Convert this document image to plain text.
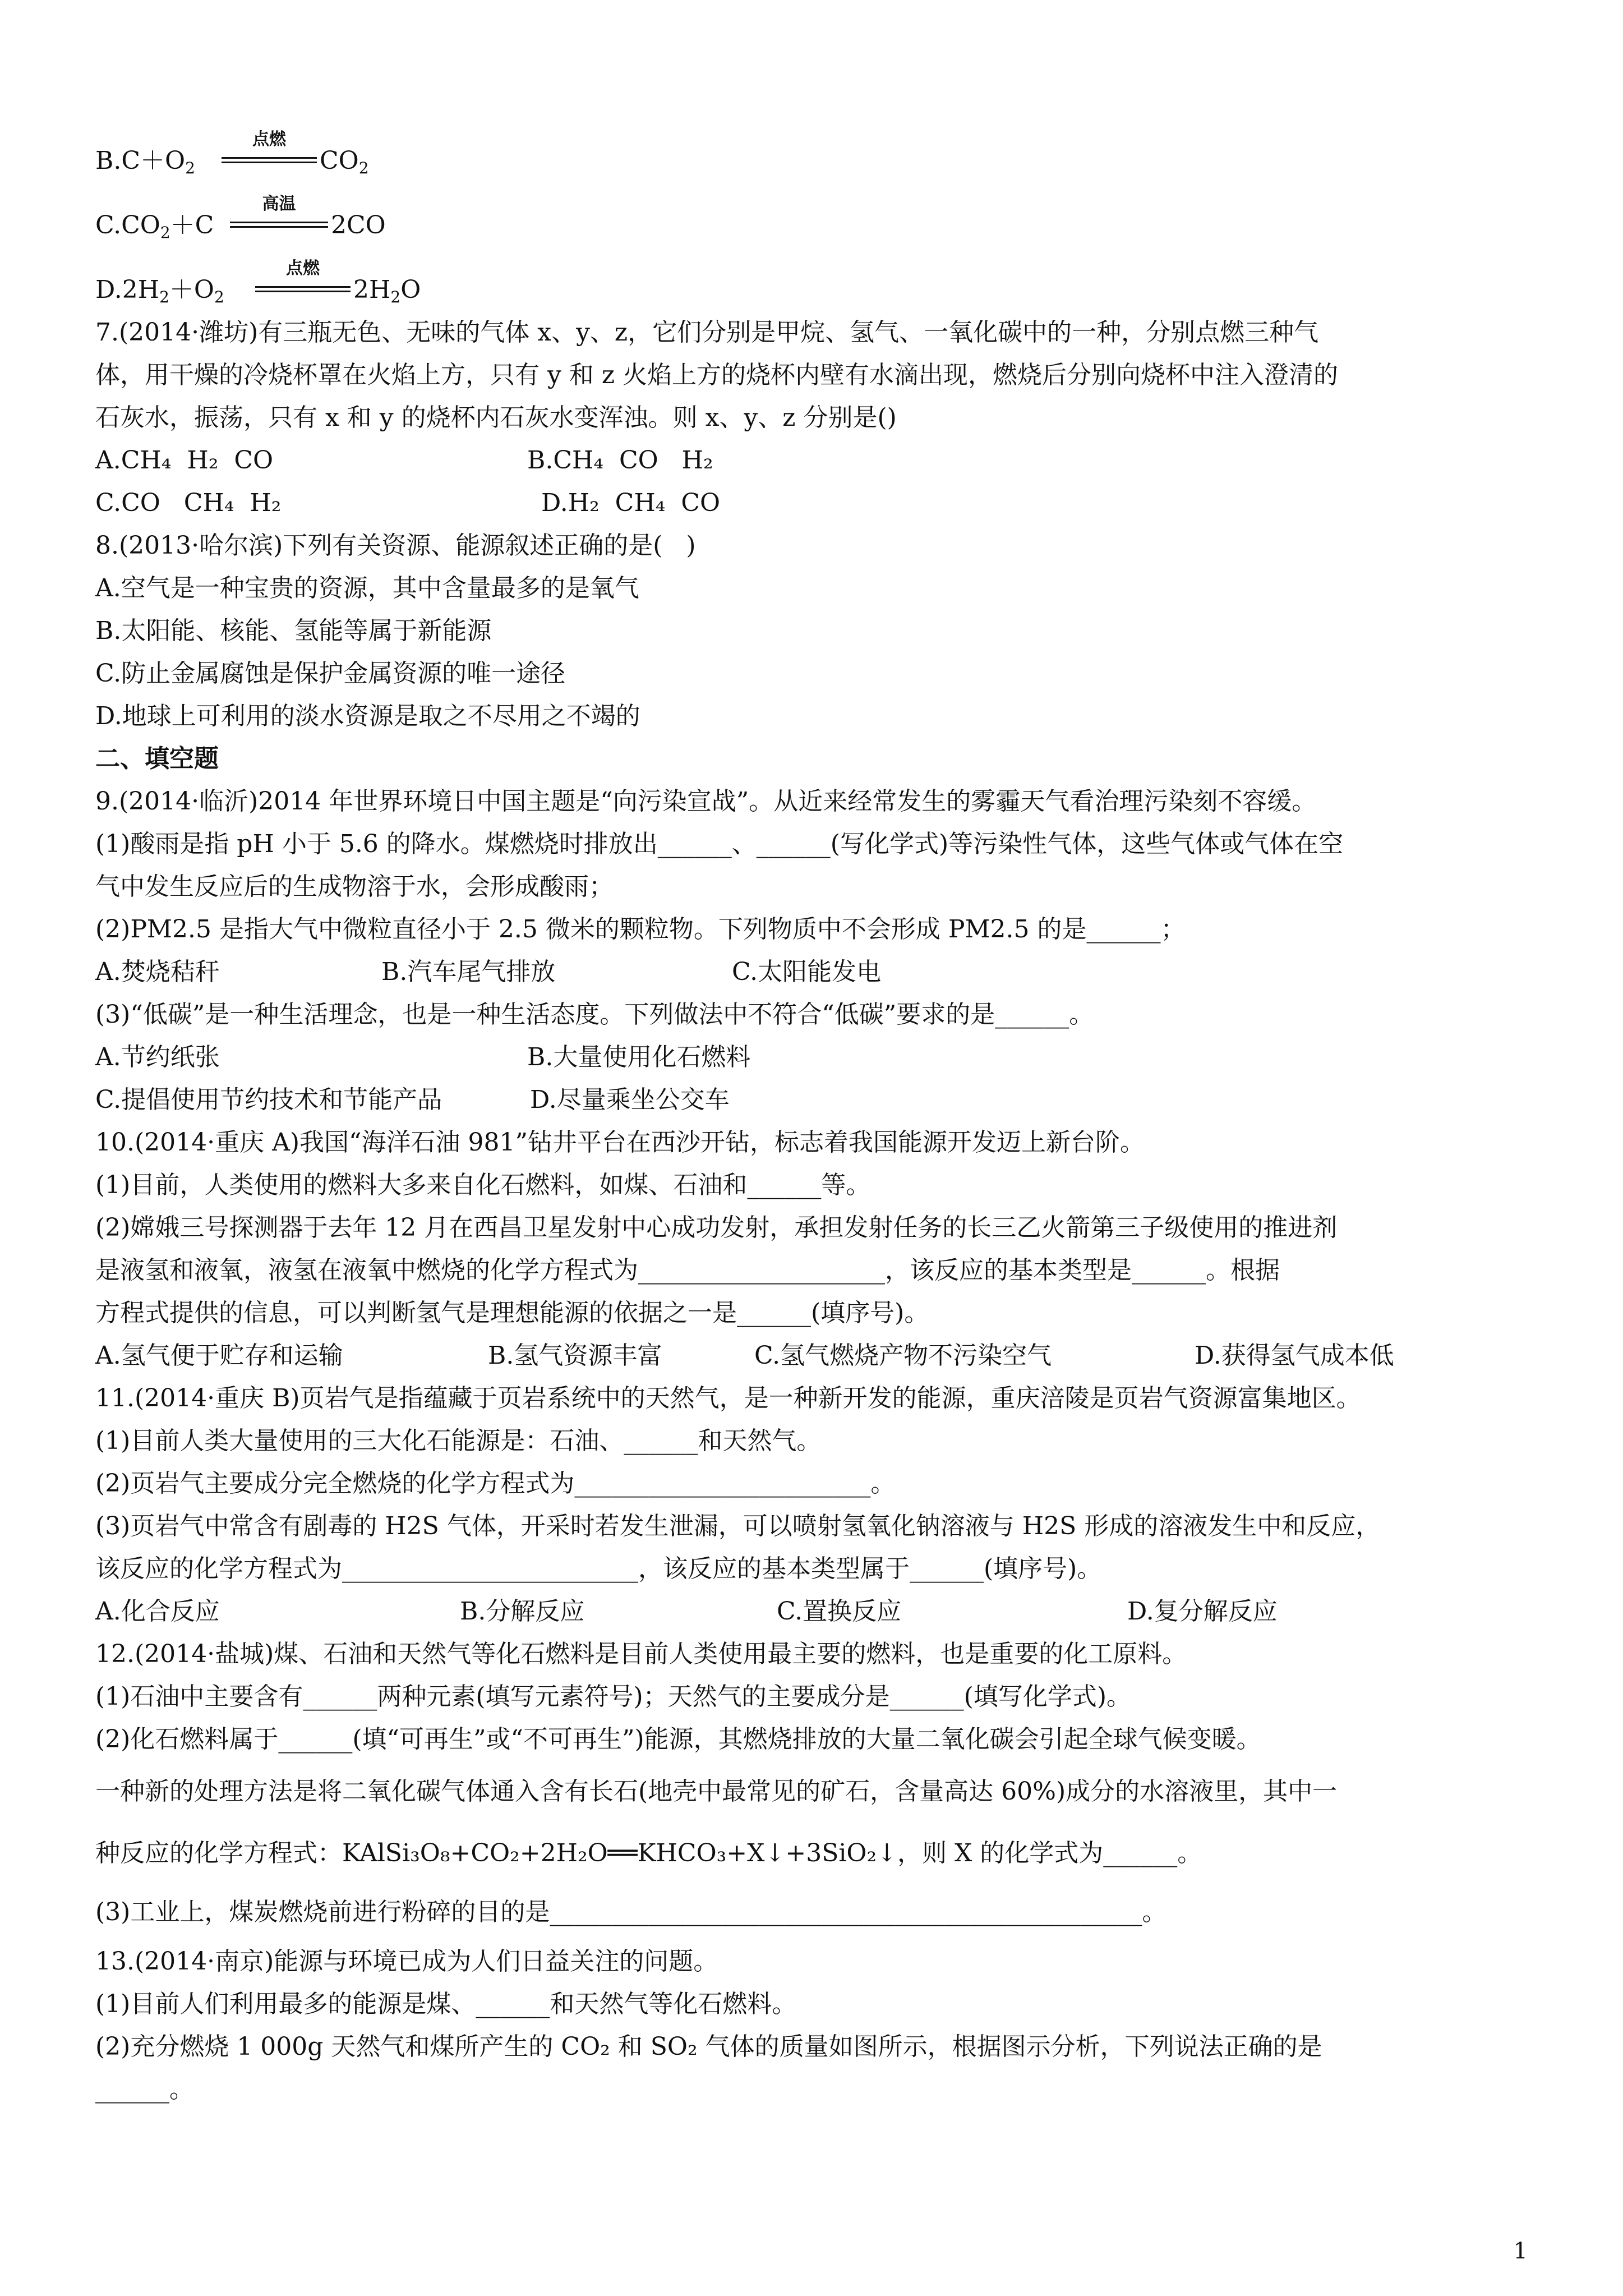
$B.C+O_2$
点燃
$CO_2$
$C.CO_2+C$
高温
2CO
$D.2H_2+O_2$
点燃
$2H_2O$
7.(2014·潍坊)有三瓶无色、无味的气体 x、y、z，它们分别是甲烷、氢气、一氧化碳中的一种，分别点燃三种气
体，用干燥的冷烧杯罩在火焰上方，只有 y 和 z 火焰上方的烧杯内壁有水滴出现，燃烧后分别向烧杯中注入澄清的
石灰水，振荡，只有 x 和 y 的烧杯内石灰水变浑浊。则 x、y、z 分别是()
A.CH₄  H₂  CO	B.CH₄  CO   H₂
C.CO   CH₄  H₂	D.H₂  CH₄  CO
8.(2013·哈尔滨)下列有关资源、能源叙述正确的是(   )
A.空气是一种宝贵的资源，其中含量最多的是氧气
B.太阳能、核能、氢能等属于新能源
C.防止金属腐蚀是保护金属资源的唯一途径
D.地球上可利用的淡水资源是取之不尽用之不竭的
二、填空题
9.(2014·临沂)2014 年世界环境日中国主题是“向污染宣战”。从近来经常发生的雾霾天气看治理污染刻不容缓。
(1)酸雨是指 pH 小于 5.6 的降水。煤燃烧时排放出______、______(写化学式)等污染性气体，这些气体或气体在空
气中发生反应后的生成物溶于水，会形成酸雨；
(2)PM2.5 是指大气中微粒直径小于 2.5 微米的颗粒物。下列物质中不会形成 PM2.5 的是______；
A.焚烧秸秆	B.汽车尾气排放	C.太阳能发电
(3)“低碳”是一种生活理念，也是一种生活态度。下列做法中不符合“低碳”要求的是______。
A.节约纸张	B.大量使用化石燃料
C.提倡使用节约技术和节能产品	D.尽量乘坐公交车
10.(2014·重庆 A)我国“海洋石油 981”钻井平台在西沙开钻，标志着我国能源开发迈上新台阶。
(1)目前，人类使用的燃料大多来自化石燃料，如煤、石油和______等。
(2)嫦娥三号探测器于去年 12 月在西昌卫星发射中心成功发射，承担发射任务的长三乙火箭第三子级使用的推进剂
是液氢和液氧，液氢在液氧中燃烧的化学方程式为____________________，该反应的基本类型是______。根据
方程式提供的信息，可以判断氢气是理想能源的依据之一是______(填序号)。
A.氢气便于贮存和运输	B.氢气资源丰富	C.氢气燃烧产物不污染空气	D.获得氢气成本低
11.(2014·重庆 B)页岩气是指蕴藏于页岩系统中的天然气，是一种新开发的能源，重庆涪陵是页岩气资源富集地区。
(1)目前人类大量使用的三大化石能源是：石油、______和天然气。
(2)页岩气主要成分完全燃烧的化学方程式为________________________。
(3)页岩气中常含有剧毒的 H2S 气体，开采时若发生泄漏，可以喷射氢氧化钠溶液与 H2S 形成的溶液发生中和反应，
该反应的化学方程式为________________________，该反应的基本类型属于______(填序号)。
A.化合反应	B.分解反应	C.置换反应	D.复分解反应
12.(2014·盐城)煤、石油和天然气等化石燃料是目前人类使用最主要的燃料，也是重要的化工原料。
(1)石油中主要含有______两种元素(填写元素符号)；天然气的主要成分是______(填写化学式)。
(2)化石燃料属于______(填“可再生”或“不可再生”)能源，其燃烧排放的大量二氧化碳会引起全球气候变暖。
一种新的处理方法是将二氧化碳气体通入含有长石(地壳中最常见的矿石，含量高达 60%)成分的水溶液里，其中一
种反应的化学方程式：KAlSi₃O₈+CO₂+2H₂O══KHCO₃+X↓+3SiO₂↓，则 X 的化学式为______。
(3)工业上，煤炭燃烧前进行粉碎的目的是________________________________________________。
13.(2014·南京)能源与环境已成为人们日益关注的问题。
(1)目前人们利用最多的能源是煤、______和天然气等化石燃料。
(2)充分燃烧 1 000g 天然气和煤所产生的 CO₂ 和 SO₂ 气体的质量如图所示，根据图示分析，下列说法正确的是
______。
1
